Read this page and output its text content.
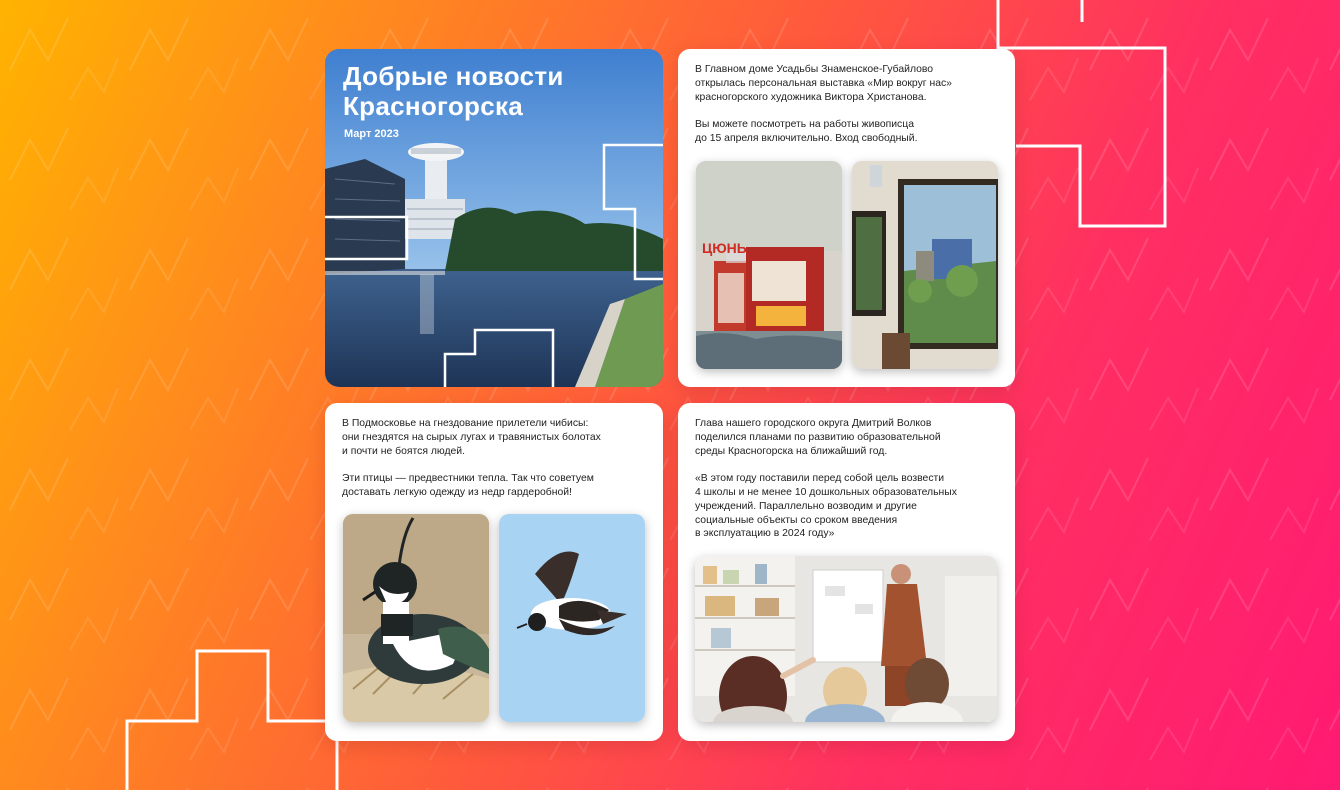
Добрые новости
Красногорска
Март 2023

В Главном доме Усадьбы Знаменское-Губайлово
открылась персональная выставка «Мир вокруг нас»
красногорского художника Виктора Христанова.

Вы можете посмотреть на работы живописца
до 15 апреля включительно. Вход свободный.

ЦЮНЬ

В Подмосковье на гнездование прилетели чибисы:
они гнездятся на сырых лугах и травянистых болотах
и почти не боятся людей.

Эти птицы — предвестники тепла. Так что советуем
доставать легкую одежду из недр гардеробной!

Глава нашего городского округа Дмитрий Волков
поделился планами по развитию образовательной
среды Красногорска на ближайший год.

«В этом году поставили перед собой цель возвести
4 школы и не менее 10 дошкольных образовательных
учреждений. Параллельно возводим и другие
социальные объекты со сроком введения
в эксплуатацию в 2024 году»
